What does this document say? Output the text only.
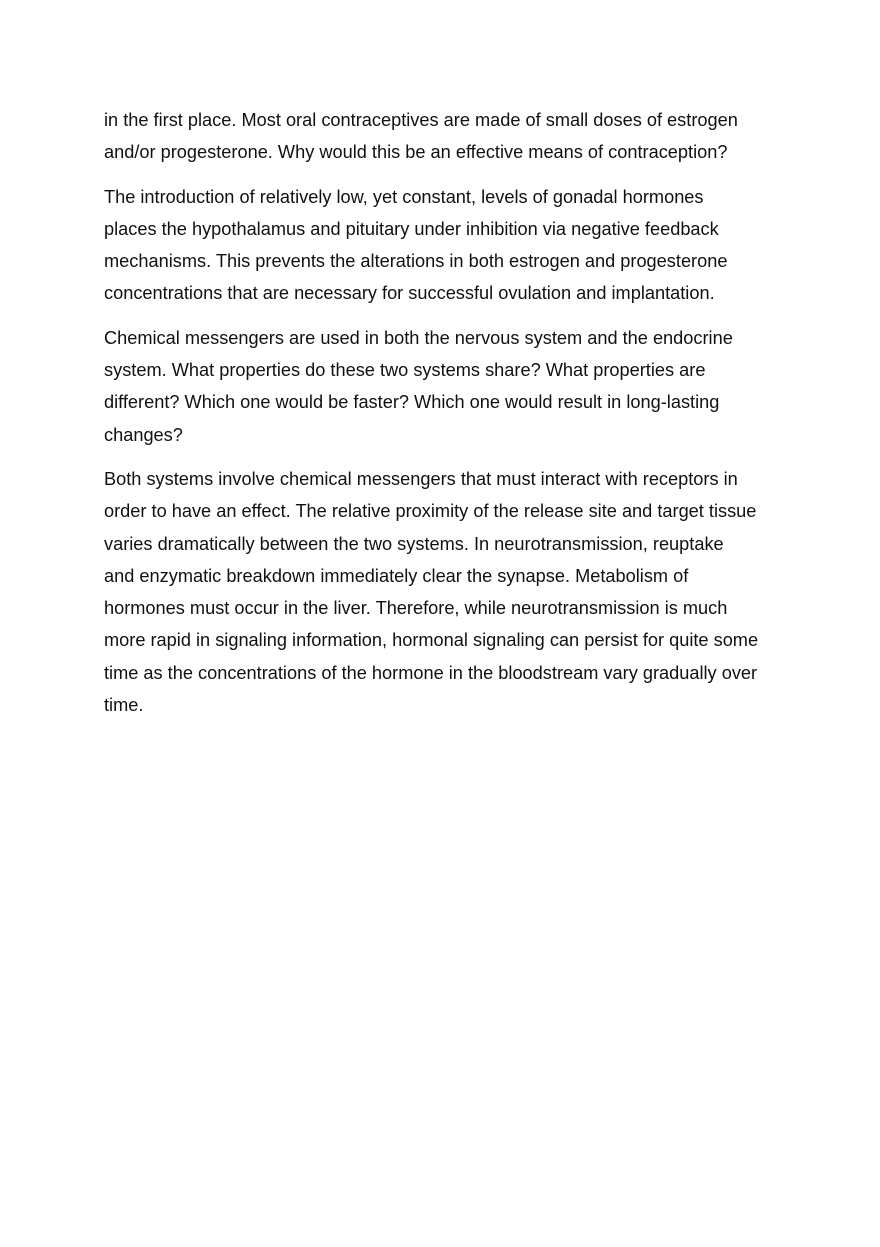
in the first place. Most oral contraceptives are made of small doses of estrogen
and/or progesterone. Why would this be an effective means of contraception?

The introduction of relatively low, yet constant, levels of gonadal hormones
places the hypothalamus and pituitary under inhibition via negative feedback
mechanisms. This prevents the alterations in both estrogen and progesterone
concentrations that are necessary for successful ovulation and implantation.

Chemical messengers are used in both the nervous system and the endocrine
system. What properties do these two systems share? What properties are
different? Which one would be faster? Which one would result in long-lasting
changes?

Both systems involve chemical messengers that must interact with receptors in
order to have an effect. The relative proximity of the release site and target tissue
varies dramatically between the two systems. In neurotransmission, reuptake
and enzymatic breakdown immediately clear the synapse. Metabolism of
hormones must occur in the liver. Therefore, while neurotransmission is much
more rapid in signaling information, hormonal signaling can persist for quite some
time as the concentrations of the hormone in the bloodstream vary gradually over
time.
